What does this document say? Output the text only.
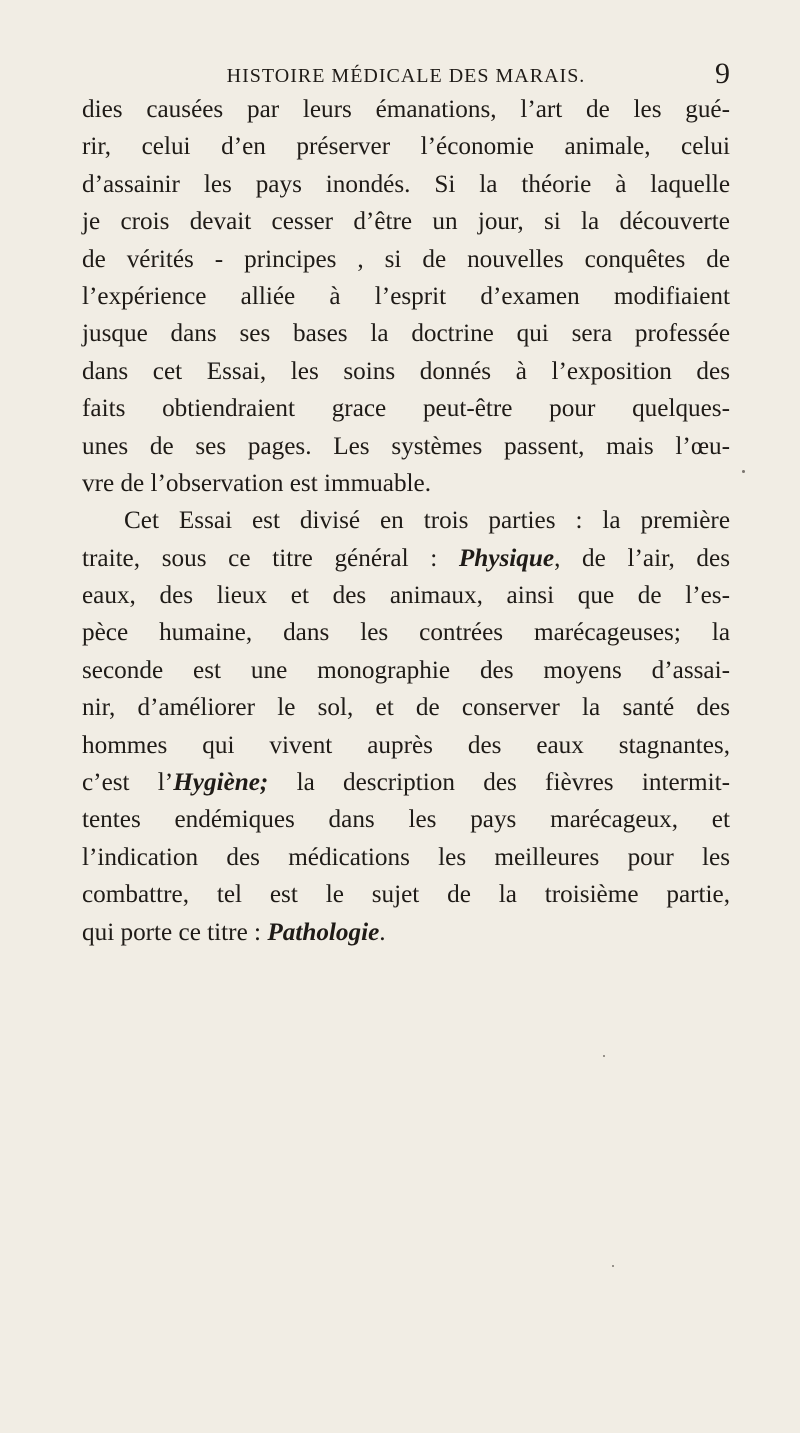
HISTOIRE MÉDICALE DES MARAIS.	9
dies causées par leurs émanations, l’art de les gué-
rir, celui d’en préserver l’économie animale, celui
d’assainir les pays inondés. Si la théorie à laquelle
je crois devait cesser d’être un jour, si la découverte
de vérités - principes , si de nouvelles conquêtes de
l’expérience alliée à l’esprit d’examen modifiaient
jusque dans ses bases la doctrine qui sera professée
dans cet Essai, les soins donnés à l’exposition des
faits obtiendraient grace peut-être pour quelques-
unes de ses pages. Les systèmes passent, mais l’œu-
vre de l’observation est immuable.
Cet Essai est divisé en trois parties : la première
traite, sous ce titre général : Physique, de l’air, des
eaux, des lieux et des animaux, ainsi que de l’es-
pèce humaine, dans les contrées marécageuses; la
seconde est une monographie des moyens d’assai-
nir, d’améliorer le sol, et de conserver la santé des
hommes qui vivent auprès des eaux stagnantes,
c’est l’Hygiène; la description des fièvres intermit-
tentes endémiques dans les pays marécageux, et
l’indication des médications les meilleures pour les
combattre, tel est le sujet de la troisième partie,
qui porte ce titre : Pathologie.
